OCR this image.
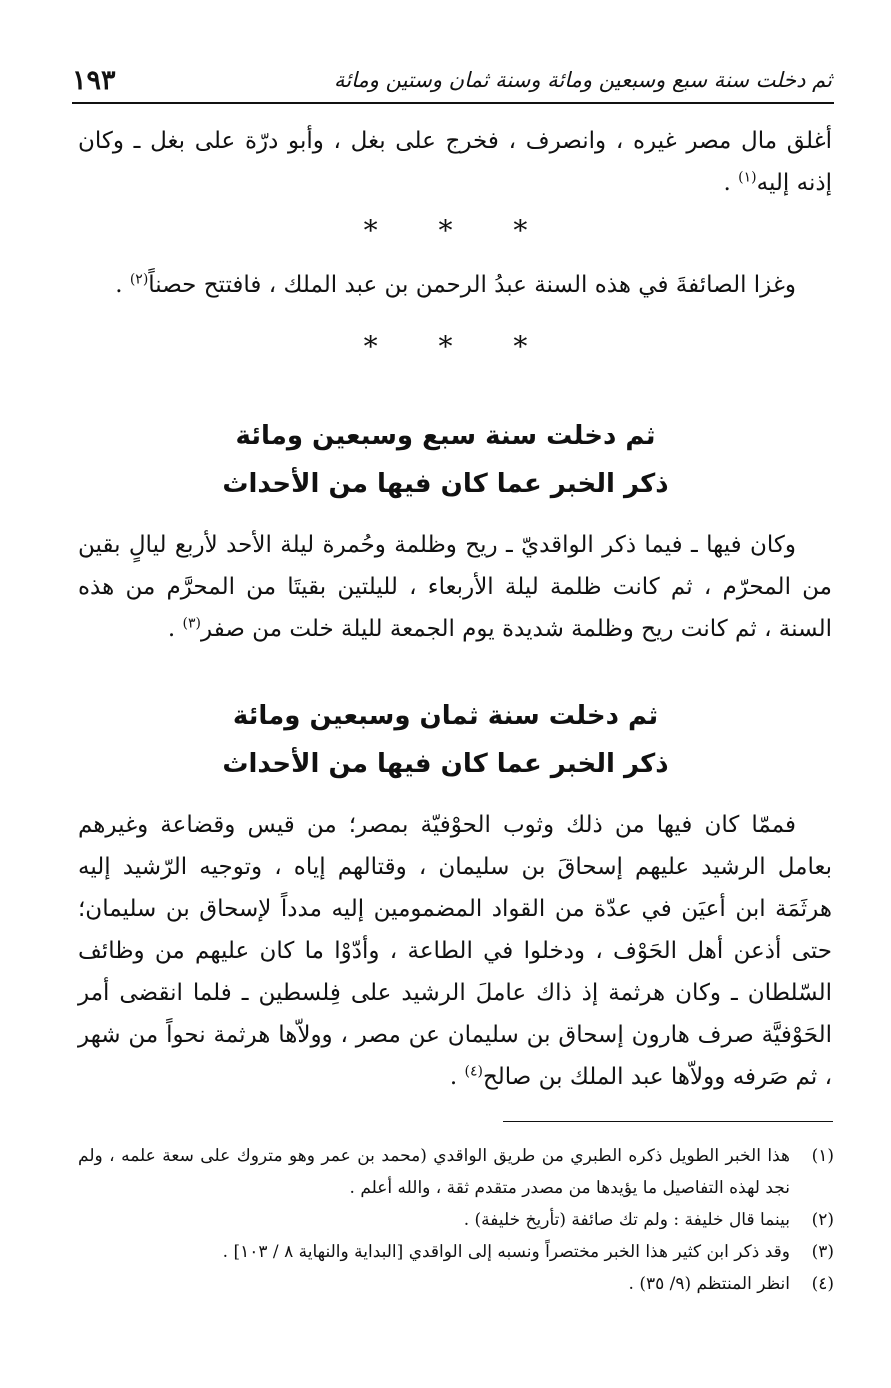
ثم دخلت سنة سبع وسبعين ومائة وسنة ثمان وستين ومائة
١٩٣

أغلق مال مصر غيره ، وانصرف ، فخرج على بغل ، وأبو درّة على بغل ـ وكان إذنه إليه$^{(١)}$ .

* * *

وغزا الصائفةَ في هذه السنة عبدُ الرحمن بن عبد الملك ، فافتتح حصناً$^{(٢)}$ .

* * *
ثم دخلت سنة سبع وسبعين ومائة
ذكر الخبر عما كان فيها من الأحداث

وكان فيها ـ فيما ذكر الواقديّ ـ ريح وظلمة وحُمرة ليلة الأحد لأربع ليالٍ بقين من المحرّم ، ثم كانت ظلمة ليلة الأربعاء ، لليلتين بقيتَا من المحرَّم من هذه السنة ، ثم كانت ريح وظلمة شديدة يوم الجمعة لليلة خلت من صفر$^{(٣)}$ .

ثم دخلت سنة ثمان وسبعين ومائة
ذكر الخبر عما كان فيها من الأحداث

فممّا كان فيها من ذلك وثوب الحوْفيّة بمصر؛ من قيس وقضاعة وغيرهم بعامل الرشيد عليهم إسحاقَ بن سليمان ، وقتالهم إياه ، وتوجيه الرّشيد إليه هرثَمَة ابن أعيَن في عدّة من القواد المضمومين إليه مدداً لإسحاق بن سليمان؛ حتى أذعن أهل الحَوْف ، ودخلوا في الطاعة ، وأدّوْا ما كان عليهم من وظائف السّلطان ـ وكان هرثمة إذ ذاك عاملَ الرشيد على فِلسطين ـ فلما انقضى أمر الحَوْفيَّة صرف هارون إسحاق بن سليمان عن مصر ، وولاّها هرثمة نحواً من شهر ، ثم صَرفه وولاّها عبد الملك بن صالح$^{(٤)}$ .

(١)
هذا الخبر الطويل ذكره الطبري من طريق الواقدي (محمد بن عمر وهو متروك على سعة علمه ، ولم نجد لهذه التفاصيل ما يؤيدها من مصدر متقدم ثقة ، والله أعلم .
(٢)
بينما قال خليفة : ولم تك صائفة (تأريخ خليفة) .
(٣)
وقد ذكر ابن كثير هذا الخبر مختصراً ونسبه إلى الواقدي [البداية والنهاية ٨ / ١٠٣] .
(٤)
انظر المنتظم (٩/ ٣٥) .
